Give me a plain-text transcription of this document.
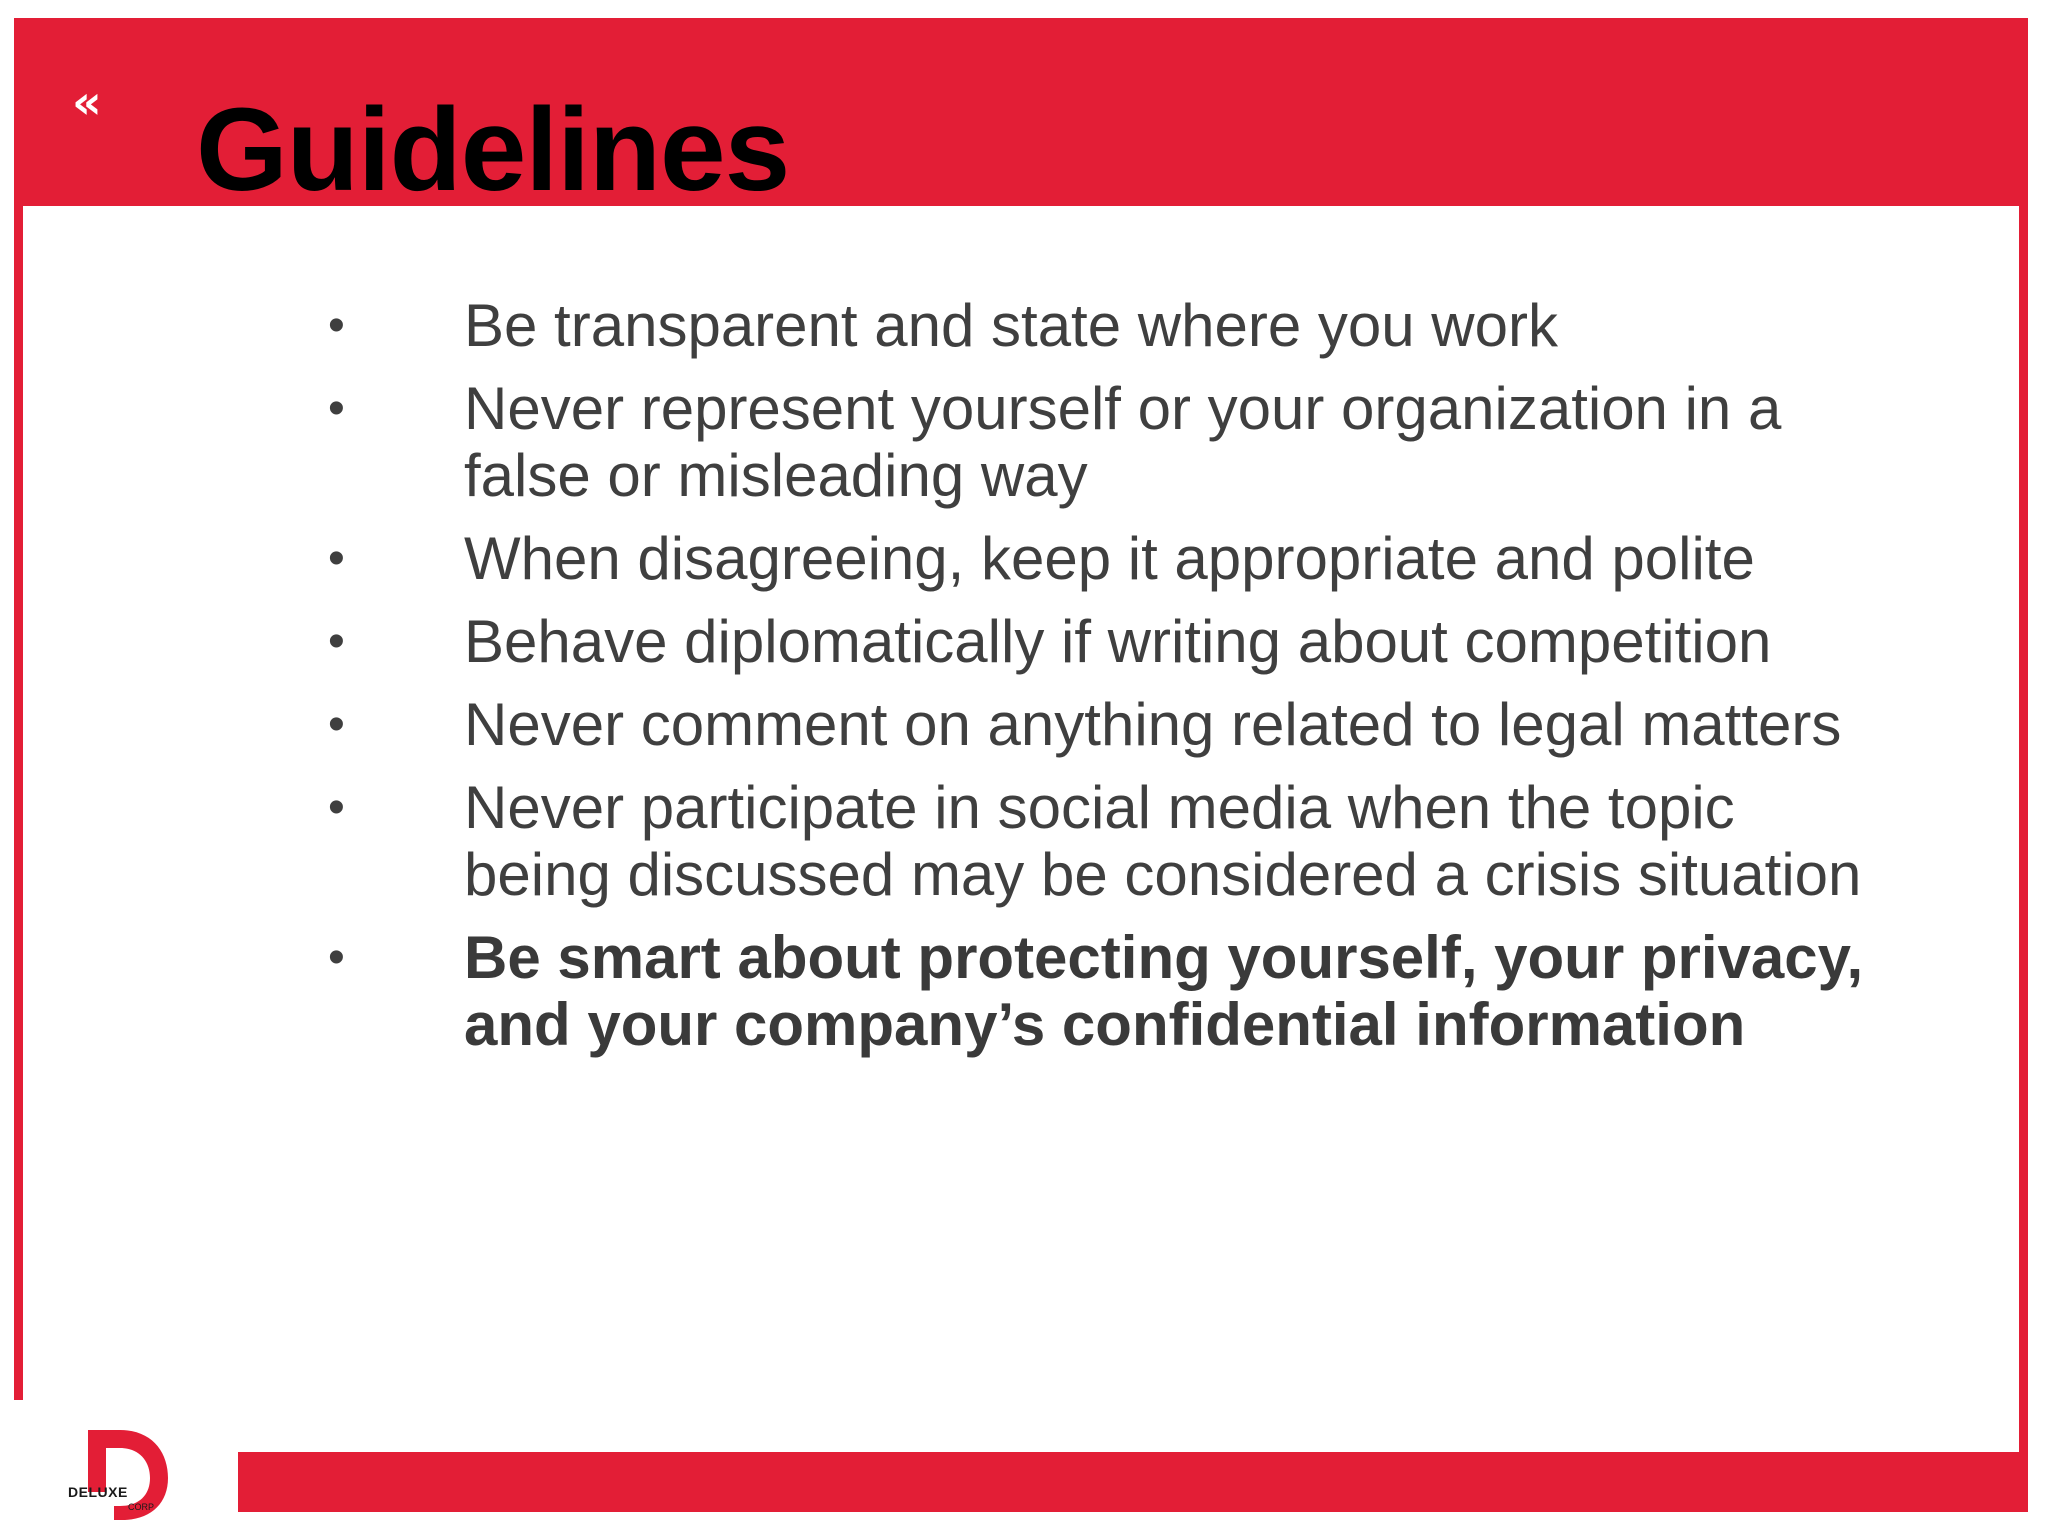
« Guidelines
•	Be transparent and state where you work
•	Never represent yourself or your organization in a false or misleading way
•	When disagreeing, keep it appropriate and polite
•	Behave diplomatically if writing about competition
•	Never comment on anything related to legal matters
•	Never participate in social media when the topic being discussed may be considered a crisis situation
•	Be smart about protecting yourself, your privacy, and your company’s confidential information
DELUXE
CORP
